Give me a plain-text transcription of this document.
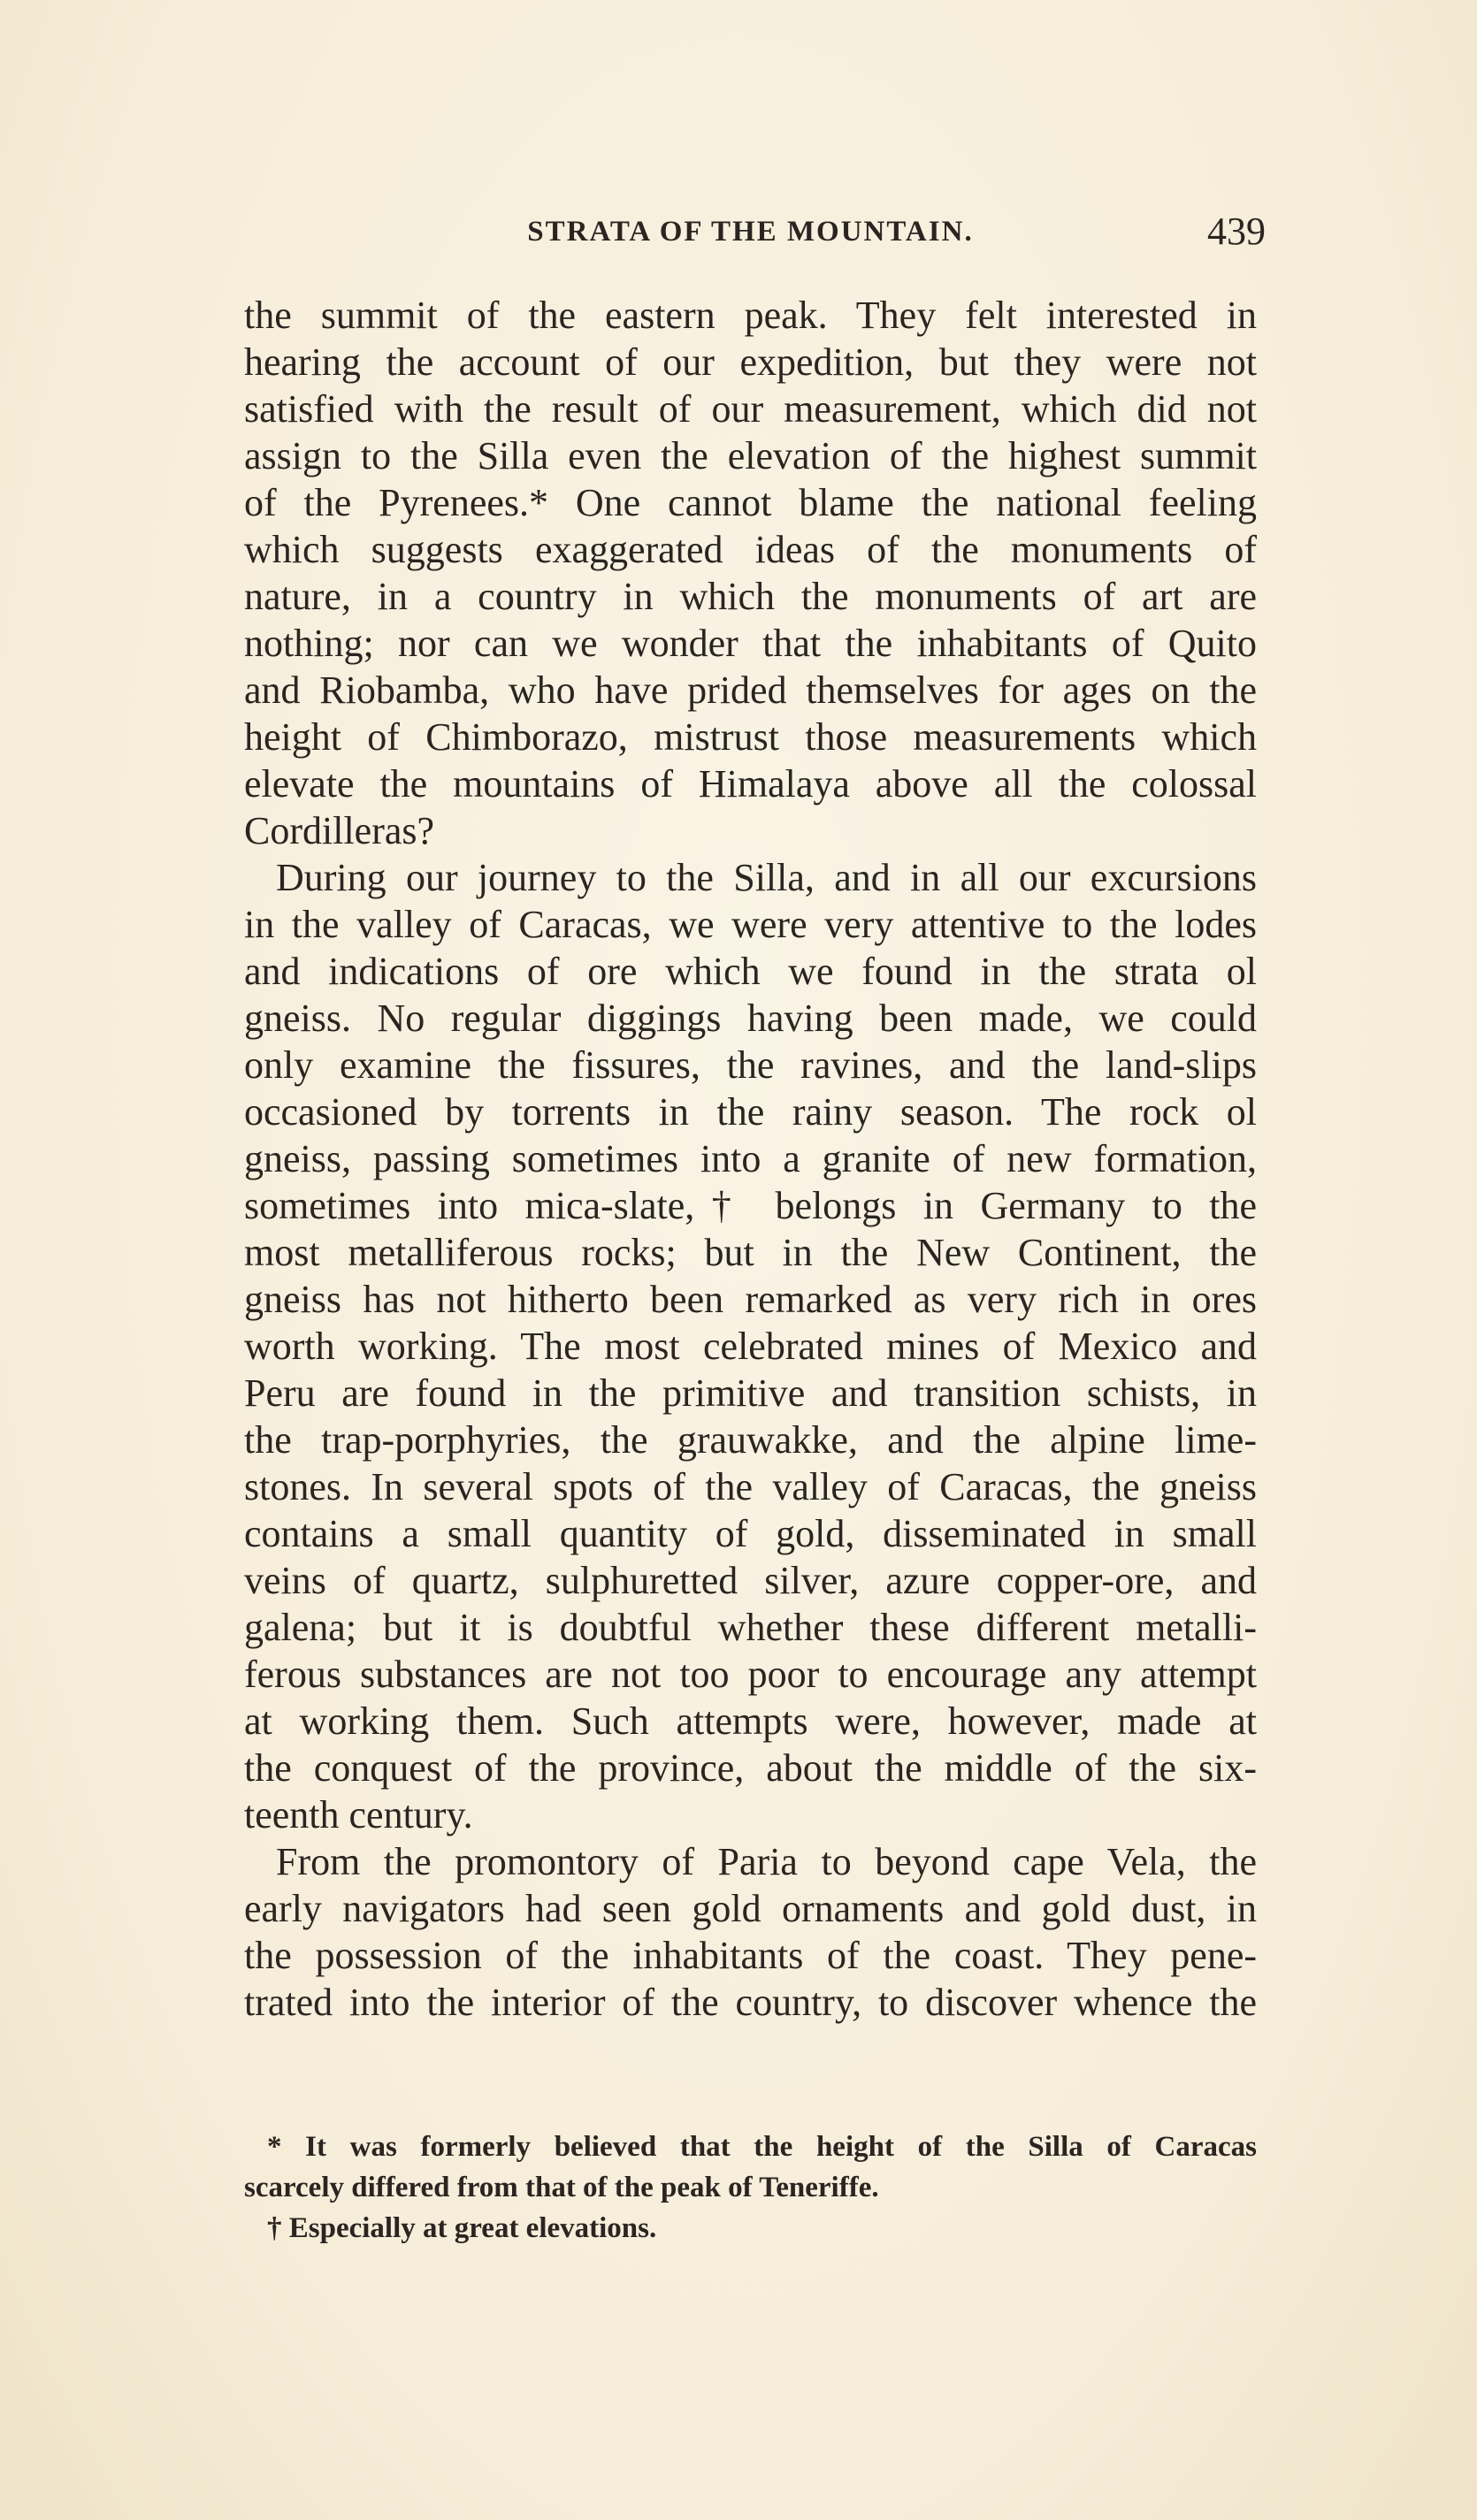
STRATA OF THE MOUNTAIN.	439
the summit of the eastern peak. They felt interested in
hearing the account of our expedition, but they were not
satisfied with the result of our measurement, which did not
assign to the Silla even the elevation of the highest summit
of the Pyrenees.* One cannot blame the national feeling
which suggests exaggerated ideas of the monuments of
nature, in a country in which the monuments of art are
nothing; nor can we wonder that the inhabitants of Quito
and Riobamba, who have prided themselves for ages on the
height of Chimborazo, mistrust those measurements which
elevate the mountains of Himalaya above all the colossal
Cordilleras?
During our journey to the Silla, and in all our excursions
in the valley of Caracas, we were very attentive to the lodes
and indications of ore which we found in the strata ol
gneiss. No regular diggings having been made, we could
only examine the fissures, the ravines, and the land-slips
occasioned by torrents in the rainy season. The rock ol
gneiss, passing sometimes into a granite of new formation,
sometimes into mica-slate,† belongs in Germany to the
most metalliferous rocks; but in the New Continent, the
gneiss has not hitherto been remarked as very rich in ores
worth working. The most celebrated mines of Mexico and
Peru are found in the primitive and transition schists, in
the trap-porphyries, the grauwakke, and the alpine lime-
stones. In several spots of the valley of Caracas, the gneiss
contains a small quantity of gold, disseminated in small
veins of quartz, sulphuretted silver, azure copper-ore, and
galena; but it is doubtful whether these different metalli-
ferous substances are not too poor to encourage any attempt
at working them. Such attempts were, however, made at
the conquest of the province, about the middle of the six-
teenth century.
From the promontory of Paria to beyond cape Vela, the
early navigators had seen gold ornaments and gold dust, in
the possession of the inhabitants of the coast. They pene-
trated into the interior of the country, to discover whence the
* It was formerly believed that the height of the Silla of Caracas
scarcely differed from that of the peak of Teneriffe.
† Especially at great elevations.
